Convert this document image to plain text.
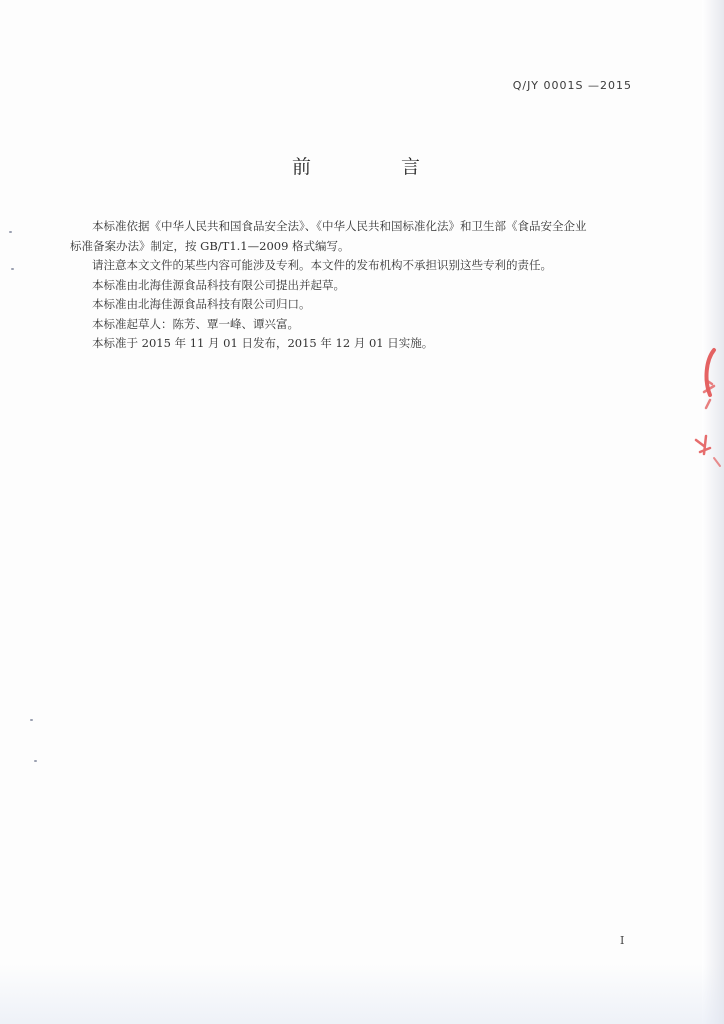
Q/JY 0001S —2015
前 言

本标准依据《中华人民共和国食品安全法》、《中华人民共和国标准化法》和卫生部《食品安全企业
标准备案办法》制定，按 GB/T1.1—2009 格式编写。

请注意本文文件的某些内容可能涉及专利。本文件的发布机构不承担识别这些专利的责任。

本标准由北海佳源食品科技有限公司提出并起草。

本标准由北海佳源食品科技有限公司归口。

本标准起草人：陈芳、覃一峰、谭兴富。

本标准于 2015 年 11 月 01 日发布，2015 年 12 月 01 日实施。

I
